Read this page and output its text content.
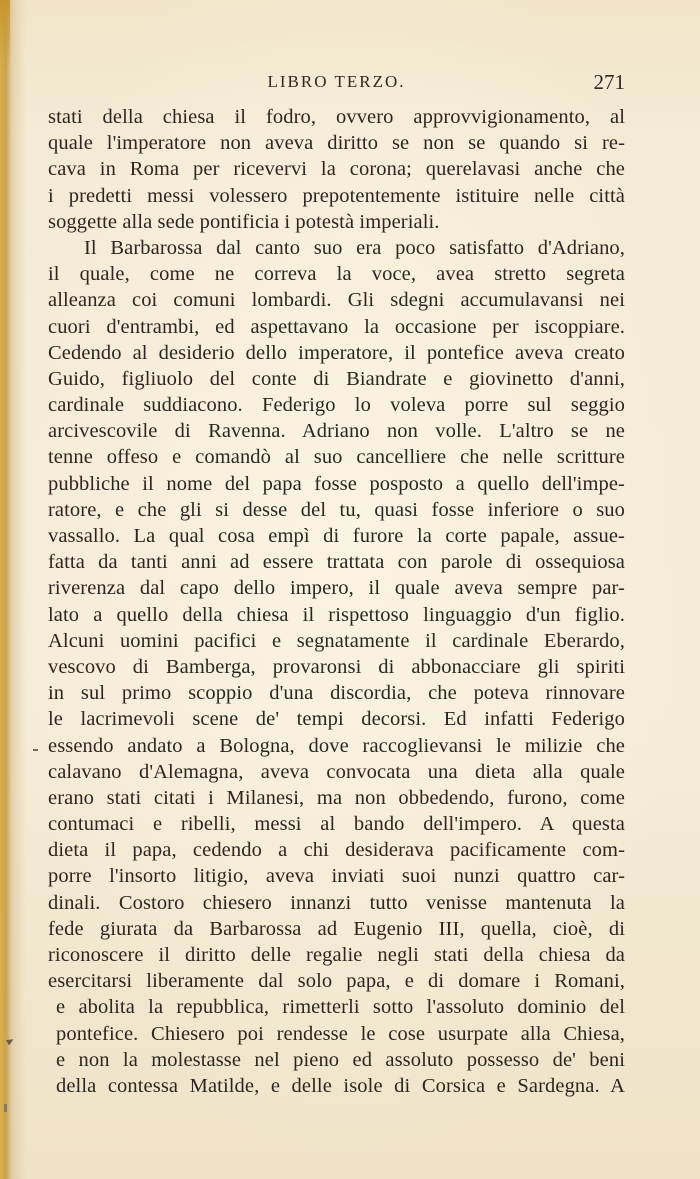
LIBRO TERZO.	271
stati della chiesa il fodro, ovvero approvvigionamento, al
quale l'imperatore non aveva diritto se non se quando si re-
cava in Roma per ricevervi la corona; querelavasi anche che
i predetti messi volessero prepotentemente istituire nelle città
soggette alla sede pontificia i potestà imperiali.
Il Barbarossa dal canto suo era poco satisfatto d'Adriano,
il quale, come ne correva la voce, avea stretto segreta
alleanza coi comuni lombardi. Gli sdegni accumulavansi nei
cuori d'entrambi, ed aspettavano la occasione per iscoppiare.
Cedendo al desiderio dello imperatore, il pontefice aveva creato
Guido, figliuolo del conte di Biandrate e giovinetto d'anni,
cardinale suddiacono. Federigo lo voleva porre sul seggio
arcivescovile di Ravenna. Adriano non volle. L'altro se ne
tenne offeso e comandò al suo cancelliere che nelle scritture
pubbliche il nome del papa fosse posposto a quello dell'impe-
ratore, e che gli si desse del tu, quasi fosse inferiore o suo
vassallo. La qual cosa empì di furore la corte papale, assue-
fatta da tanti anni ad essere trattata con parole di ossequiosa
riverenza dal capo dello impero, il quale aveva sempre par-
lato a quello della chiesa il rispettoso linguaggio d'un figlio.
Alcuni uomini pacifici e segnatamente il cardinale Eberardo,
vescovo di Bamberga, provaronsi di abbonacciare gli spiriti
in sul primo scoppio d'una discordia, che poteva rinnovare
le lacrimevoli scene de' tempi decorsi. Ed infatti Federigo
essendo andato a Bologna, dove raccoglievansi le milizie che
calavano d'Alemagna, aveva convocata una dieta alla quale
erano stati citati i Milanesi, ma non obbedendo, furono, come
contumaci e ribelli, messi al bando dell'impero. A questa
dieta il papa, cedendo a chi desiderava pacificamente com-
porre l'insorto litigio, aveva inviati suoi nunzi quattro car-
dinali. Costoro chiesero innanzi tutto venisse mantenuta la
fede giurata da Barbarossa ad Eugenio III, quella, cioè, di
riconoscere il diritto delle regalie negli stati della chiesa da
esercitarsi liberamente dal solo papa, e di domare i Romani,
e abolita la repubblica, rimetterli sotto l'assoluto dominio del
pontefice. Chiesero poi rendesse le cose usurpate alla Chiesa,
e non la molestasse nel pieno ed assoluto possesso de' beni
della contessa Matilde, e delle isole di Corsica e Sardegna. A
